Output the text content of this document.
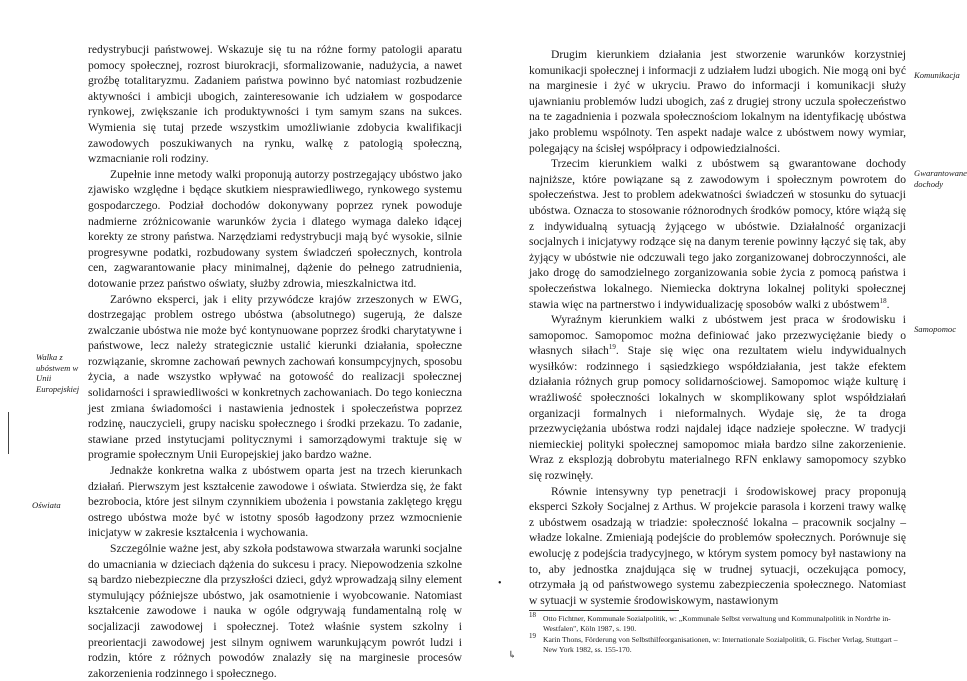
redystrybucji państwowej. Wskazuje się tu na różne formy patologii aparatu pomocy społecznej, rozrost biurokracji, sformalizowanie, nadużycia, a nawet groźbę totalitaryzmu. Zadaniem państwa powinno być natomiast rozbudzenie aktywności i ambicji ubogich, zainteresowanie ich udziałem w gospodarce rynkowej, zwiększanie ich produktywności i tym samym szans na sukces. Wymienia się tutaj przede wszystkim umożliwianie zdobycia kwalifikacji zawodowych poszukiwanych na rynku, walkę z patologią społeczną, wzmacnianie roli rodziny.

Zupełnie inne metody walki proponują autorzy postrzegający ubóstwo jako zjawisko względne i będące skutkiem niesprawiedliwego, rynkowego systemu gospodarczego. Podział dochodów dokonywany poprzez rynek powoduje nadmierne zróżnicowanie warunków życia i dlatego wymaga daleko idącej korekty ze strony państwa. Narzędziami redystrybucji mają być wysokie, silnie progresywne podatki, rozbudowany system świadczeń społecznych, kontrola cen, zagwarantowanie płacy minimalnej, dążenie do pełnego zatrudnienia, dotowanie przez państwo oświaty, służby zdrowia, mieszkalnictwa itd.

Zarówno eksperci, jak i elity przywódcze krajów zrzeszonych w EWG, dostrzegając problem ostrego ubóstwa (absolutnego) sugerują, że dalsze zwalczanie ubóstwa nie może być kontynuowane poprzez środki charytatywne i państwowe, lecz należy strategicznie ustalić kierunki działania, społeczne rozwiązanie, skromne zachowań pewnych zachowań konsumpcyjnych, sposobu życia, a nade wszystko wpływać na gotowość do realizacji społecznej solidarności i sprawiedliwości w konkretnych zachowaniach. Do tego konieczna jest zmiana świadomości i nastawienia jednostek i społeczeństwa poprzez rodzinę, nauczycieli, grupy nacisku społecznego i środki przekazu. To zadanie, stawiane przed instytucjami politycznymi i samorządowymi traktuje się w programie społecznym Unii Europejskiej jako bardzo ważne.

Jednakże konkretna walka z ubóstwem oparta jest na trzech kierunkach działań. Pierwszym jest kształcenie zawodowe i oświata. Stwierdza się, że fakt bezrobocia, które jest silnym czynnikiem ubożenia i powstania zaklętego kręgu ostrego ubóstwa może być w istotny sposób łagodzony przez wzmocnienie inicjatyw w zakresie kształcenia i wychowania.

Szczególnie ważne jest, aby szkoła podstawowa stwarzała warunki socjalne do umacniania w dzieciach dążenia do sukcesu i pracy. Niepowodzenia szkolne są bardzo niebezpieczne dla przyszłości dzieci, gdyż wprowadzają silny element stymulujący późniejsze ubóstwo, jak osamotnienie i wyobcowanie. Natomiast kształcenie zawodowe i nauka w ogóle odgrywają fundamentalną rolę w socjalizacji zawodowej i społecznej. Toteż właśnie system szkolny i preorientacji zawodowej jest silnym ogniwem warunkującym powrót ludzi i rodzin, które z różnych powodów znalazły się na marginesie procesów zakorzenienia rodzinnego i społecznego.

Walka z ubóstwem w Unii Europejskiej
Oświata

Drugim kierunkiem działania jest stworzenie warunków korzystniej komunikacji społecznej i informacji z udziałem ludzi ubogich. Nie mogą oni być na marginesie i żyć w ukryciu. Prawo do informacji i komunikacji służy ujawnianiu problemów ludzi ubogich, zaś z drugiej strony uczula społeczeństwo na te zagadnienia i pozwala społecznościom lokalnym na identyfikację ubóstwa jako problemu wspólnoty. Ten aspekt nadaje walce z ubóstwem nowy wymiar, polegający na ścisłej współpracy i odpowiedzialności.

Trzecim kierunkiem walki z ubóstwem są gwarantowane dochody najniższe, które powiązane są z zawodowym i społecznym powrotem do społeczeństwa. Jest to problem adekwatności świadczeń w stosunku do sytuacji ubóstwa. Oznacza to stosowanie różnorodnych środków pomocy, które wiążą się z indywidualną sytuacją żyjącego w ubóstwie. Działalność organizacji socjalnych i inicjatywy rodzące się na danym terenie powinny łączyć się tak, aby żyjący w ubóstwie nie odczuwali tego jako zorganizowanej dobroczynności, ale jako drogę do samodzielnego zorganizowania sobie życia z pomocą państwa i społeczeństwa lokalnego. Niemiecka doktryna lokalnej polityki społecznej stawia więc na partnerstwo i indywidualizację sposobów walki z ubóstwem$^{18}$.

Wyraźnym kierunkiem walki z ubóstwem jest praca w środowisku i samopomoc. Samopomoc można definiować jako przezwyciężanie biedy o własnych siłach$^{19}$. Staje się więc ona rezultatem wielu indywidualnych wysiłków: rodzinnego i sąsiedzkiego współdziałania, jest także efektem działania różnych grup pomocy solidarnościowej. Samopomoc wiąże kulturę i wrażliwość społeczności lokalnych w skomplikowany splot współdziałań organizacji formalnych i nieformalnych. Wydaje się, że ta droga przezwyciężania ubóstwa rodzi najdalej idące nadzieje społeczne. W tradycji niemieckiej polityki społecznej samopomoc miała bardzo silne zakorzenienie. Wraz z eksplozją dobrobytu materialnego RFN enklawy samopomocy szybko się rozwinęły.

Równie intensywny typ penetracji i środowiskowej pracy proponują eksperci Szkoły Socjalnej z Arthus. W projekcie parasola i korzeni trawy walkę z ubóstwem osadzają w triadzie: społeczność lokalna – pracownik socjalny – władze lokalne. Zmieniają podejście do problemów społecznych. Porównuje się ewolucję z podejścia tradycyjnego, w którym system pomocy był nastawiony na to, aby jednostka znajdująca się w trudnej sytuacji, oczekująca pomocy, otrzymała ją od państwowego systemu zabezpieczenia społecznego. Natomiast w sytuacji w systemie środowiskowym, nastawionym

Komunikacja
Gwarantowane dochody
Samopomoc
•
18 Otto Fichtner, Kommunale Sozialpolitik, w: „Kommunale Selbst verwaltung und Kommunalpolitik in Nordrhe in-Westfalen", Köln 1987, s. 190.
19 Karin Thons, Förderung von Selbsthilfeorganisationen, w: Internationale Sozialpolitik, G. Fischer Verlag, Stuttgart – New York 1982, ss. 155-170.
↳
